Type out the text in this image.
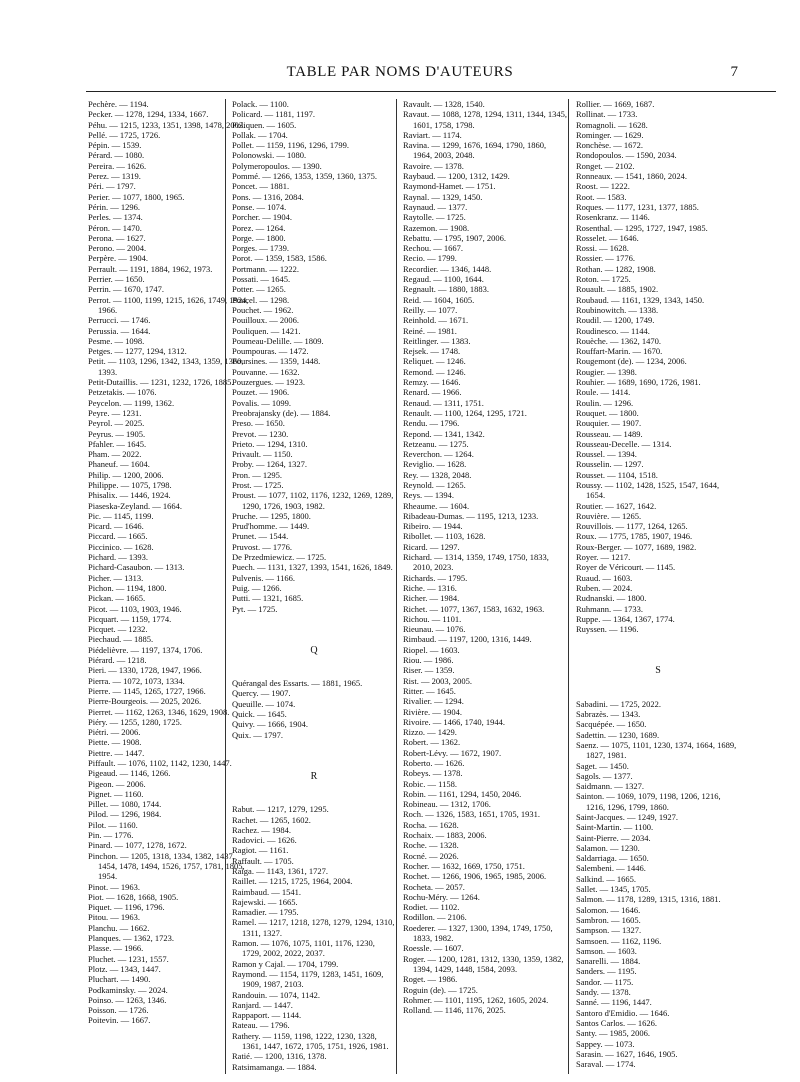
TABLE PAR NOMS D'AUTEURS	7
Pechère. — 1194.
Pecker. — 1278, 1294, 1334, 1667.
Péhu. — 1215, 1233, 1351, 1398, 1478, 2003.
Pellé. — 1725, 1726.
Pépin. — 1539.
Pérard. — 1080.
Pereira. — 1626.
Perez. — 1319.
Péri. — 1797.
Perier. — 1077, 1800, 1965.
Périn. — 1296.
Perles. — 1374.
Péron. — 1470.
Perona. — 1627.
Perono. — 2004.
Perpère. — 1904.
Perrault. — 1191, 1884, 1962, 1973.
Perrier. — 1650.
Perrin. — 1670, 1747.
Perrot. — 1100, 1199, 1215, 1626, 1749, 1924, 1966.
Perrucci. — 1746.
Perussia. — 1644.
Pesme. — 1098.
Petges. — 1277, 1294, 1312.
Petit. — 1103, 1296, 1342, 1343, 1359, 1360, 1393.
Petit-Dutaillis. — 1231, 1232, 1726, 1885.
Petzetakis. — 1076.
Peycelon. — 1199, 1362.
Peyre. — 1231.
Peyrol. — 2025.
Peyrus. — 1905.
Pfahler. — 1645.
Pham. — 2022.
Phaneuf. — 1604.
Philip. — 1200, 2006.
Philippe. — 1075, 1798.
Phisalix. — 1446, 1924.
Piaseska-Zeyland. — 1664.
Pic. — 1145, 1199.
Picard. — 1646.
Piccard. — 1665.
Piccinico. — 1628.
Pichard. — 1393.
Pichard-Casaubon. — 1313.
Picher. — 1313.
Pichon. — 1194, 1800.
Pickan. — 1665.
Picot. — 1103, 1903, 1946.
Picquart. — 1159, 1774.
Picquet. — 1232.
Piechaud. — 1885.
Piédelièvre. — 1197, 1374, 1706.
Piérard. — 1218.
Pieri. — 1330, 1728, 1947, 1966.
Pierra. — 1072, 1073, 1334.
Pierre. — 1145, 1265, 1727, 1966.
Pierre-Bourgeois. — 2025, 2026.
Pierret. — 1162, 1263, 1346, 1629, 1908.
Piéry. — 1255, 1280, 1725.
Piétri. — 2006.
Piette. — 1908.
Piettre. — 1447.
Piffault. — 1076, 1102, 1142, 1230, 1447.
Pigeaud. — 1146, 1266.
Pigeon. — 2006.
Pignet. — 1160.
Pillet. — 1080, 1744.
Pilod. — 1296, 1984.
Pilot. — 1160.
Pin. — 1776.
Pinard. — 1077, 1278, 1672.
Pinchon. — 1205, 1318, 1334, 1382, 1437, 1454, 1478, 1494, 1526, 1757, 1781, 1805, 1954.
Pinot. — 1963.
Piot. — 1628, 1668, 1905.
Piquet. — 1196, 1796.
Pitou. — 1963.
Planchu. — 1662.
Planques. — 1362, 1723.
Plasse. — 1966.
Pluchet. — 1231, 1557.
Plotz. — 1343, 1447.
Pluchart. — 1490.
Podkaminsky. — 2024.
Poinso. — 1263, 1346.
Poisson. — 1726.
Poitevin. — 1667.
Polack. — 1100.
Policard. — 1181, 1197.
Poliquen. — 1605.
Pollak. — 1704.
Pollet. — 1159, 1196, 1296, 1799.
Polonowski. — 1080.
Polymeropoulos. — 1390.
Pommé. — 1266, 1353, 1359, 1360, 1375.
Poncet. — 1881.
Pons. — 1316, 2084.
Ponse. — 1074.
Porcher. — 1904.
Porez. — 1264.
Porge. — 1800.
Porges. — 1739.
Porot. — 1359, 1583, 1586.
Portmann. — 1222.
Possati. — 1645.
Potter. — 1265.
Poucel. — 1298.
Pouchet. — 1962.
Pouilloux. — 2006.
Pouliquen. — 1421.
Poumeau-Delille. — 1809.
Poumpouras. — 1472.
Poursines. — 1359, 1448.
Pouvanne. — 1632.
Pouzergues. — 1923.
Pouzet. — 1906.
Povalis. — 1099.
Preobrajansky (de). — 1884.
Preso. — 1650.
Prevot. — 1230.
Prieto. — 1294, 1310.
Privault. — 1150.
Proby. — 1264, 1327.
Pron. — 1295.
Prost. — 1725.
Proust. — 1077, 1102, 1176, 1232, 1269, 1289, 1290, 1726, 1903, 1982.
Pruche. — 1295, 1800.
Prud'homme. — 1449.
Prunet. — 1544.
Pruvost. — 1776.
De Przedmiewicz. — 1725.
Puech. — 1131, 1327, 1393, 1541, 1626, 1849.
Pulvenis. — 1166.
Puig. — 1266.
Putti. — 1321, 1685.
Pyt. — 1725.
Q
Quérangal des Essarts. — 1881, 1965.
Quercy. — 1907.
Queuille. — 1074.
Quick. — 1645.
Quivy. — 1666, 1904.
Quix. — 1797.
R
Rabut. — 1217, 1279, 1295.
Rachet. — 1265, 1602.
Rachez. — 1984.
Radovici. — 1626.
Ragiot. — 1161.
Raffault. — 1705.
Raiga. — 1143, 1361, 1727.
Raillet. — 1215, 1725, 1964, 2004.
Raimbaud. — 1541.
Rajewski. — 1665.
Ramadier. — 1795.
Ramel. — 1217, 1218, 1278, 1279, 1294, 1310, 1311, 1327.
Ramon. — 1076, 1075, 1101, 1176, 1230, 1729, 2002, 2022, 2037.
Ramon y Cajal. — 1704, 1799.
Raymond. — 1154, 1179, 1283, 1451, 1609, 1909, 1987, 2103.
Randouin. — 1074, 1142.
Ranjard. — 1447.
Rappaport. — 1144.
Rateau. — 1796.
Rathery. — 1159, 1198, 1222, 1230, 1328, 1361, 1447, 1672, 1705, 1751, 1926, 1981.
Ratié. — 1200, 1316, 1378.
Ratsimamanga. — 1884.
Ravault. — 1328, 1540.
Ravaut. — 1088, 1278, 1294, 1311, 1344, 1345, 1601, 1758, 1798.
Raviart. — 1174.
Ravina. — 1299, 1676, 1694, 1790, 1860, 1964, 2003, 2048.
Ravoire. — 1378.
Raybaud. — 1200, 1312, 1429.
Raymond-Hamet. — 1751.
Raynal. — 1329, 1450.
Raynaud. — 1377.
Raytolle. — 1725.
Razemon. — 1908.
Rebattu. — 1795, 1907, 2006.
Rechou. — 1667.
Recio. — 1799.
Recordier. — 1346, 1448.
Regaud. — 1100, 1644.
Regnault. — 1880, 1883.
Reid. — 1604, 1605.
Reilly. — 1077.
Reinhold. — 1671.
Reiné. — 1981.
Reitlinger. — 1383.
Rejsek. — 1748.
Reliquet. — 1246.
Remond. — 1246.
Remzy. — 1646.
Renard. — 1966.
Renaud. — 1311, 1751.
Renault. — 1100, 1264, 1295, 1721.
Rendu. — 1796.
Repond. — 1341, 1342.
Retzeanu. — 1275.
Reverchon. — 1264.
Reviglio. — 1628.
Rey. — 1328, 2048.
Reynold. — 1265.
Reys. — 1394.
Rheaume. — 1604.
Ribadeau-Dumas. — 1195, 1213, 1233.
Ribeiro. — 1944.
Ribollet. — 1103, 1628.
Ricard. — 1297.
Richard. — 1314, 1359, 1749, 1750, 1833, 2010, 2023.
Richards. — 1795.
Riche. — 1316.
Richer. — 1984.
Richet. — 1077, 1367, 1583, 1632, 1963.
Richou. — 1101.
Rieunau. — 1076.
Rimbaud. — 1197, 1200, 1316, 1449.
Riopel. — 1603.
Riou. — 1986.
Riser. — 1359.
Rist. — 2003, 2005.
Ritter. — 1645.
Rivalier. — 1294.
Rivière. — 1904.
Rivoire. — 1466, 1740, 1944.
Rizzo. — 1429.
Robert. — 1362.
Robert-Lévy. — 1672, 1907.
Roberto. — 1626.
Robeys. — 1378.
Robic. — 1158.
Robin. — 1161, 1294, 1450, 2046.
Robineau. — 1312, 1706.
Roch. — 1326, 1583, 1651, 1705, 1931.
Rocha. — 1628.
Rochaix. — 1883, 2006.
Roche. — 1328.
Rocné. — 2026.
Rocher. — 1632, 1669, 1750, 1751.
Rochet. — 1266, 1906, 1965, 1985, 2006.
Rocheta. — 2057.
Rochu-Méry. — 1264.
Rodiet. — 1102.
Rodillon. — 2106.
Roederer. — 1327, 1300, 1394, 1749, 1750, 1833, 1982.
Roessle. — 1607.
Roger. — 1200, 1281, 1312, 1330, 1359, 1382, 1394, 1429, 1448, 1584, 2093.
Roget. — 1986.
Roguin (de). — 1725.
Rohmer. — 1101, 1195, 1262, 1605, 2024.
Rolland. — 1146, 1176, 2025.
Rollier. — 1669, 1687.
Rollinat. — 1733.
Romagnoli. — 1628.
Rominger. — 1629.
Ronchèse. — 1672.
Rondopoulos. — 1590, 2034.
Ronget. — 2102.
Ronneaux. — 1541, 1860, 2024.
Roost. — 1222.
Root. — 1583.
Roques. — 1177, 1231, 1377, 1885.
Rosenkranz. — 1146.
Rosenthal. — 1295, 1727, 1947, 1985.
Rosselet. — 1646.
Rossi. — 1628.
Rossier. — 1776.
Rothan. — 1282, 1908.
Roton. — 1725.
Rouault. — 1885, 1902.
Roubaud. — 1161, 1329, 1343, 1450.
Roubinowitch. — 1338.
Roudil. — 1200, 1749.
Roudinesco. — 1144.
Rouèche. — 1362, 1470.
Rouffart-Marin. — 1670.
Rougemont (de). — 1234, 2006.
Rougier. — 1398.
Rouhier. — 1689, 1690, 1726, 1981.
Roule. — 1414.
Roulin. — 1296.
Rouquet. — 1800.
Rouquier. — 1907.
Rousseau. — 1489.
Rousseau-Decelle. — 1314.
Roussel. — 1394.
Rousselin. — 1297.
Rousset. — 1104, 1518.
Roussy. — 1102, 1428, 1525, 1547, 1644, 1654.
Routier. — 1627, 1642.
Rouvière. — 1265.
Rouvillois. — 1177, 1264, 1265.
Roux. — 1775, 1785, 1907, 1946.
Roux-Berger. — 1077, 1689, 1982.
Royer. — 1217.
Royer de Véricourt. — 1145.
Ruaud. — 1603.
Ruben. — 2024.
Rudnanski. — 1800.
Ruhmann. — 1733.
Ruppe. — 1364, 1367, 1774.
Ruyssen. — 1196.
S
Sabadini. — 1725, 2022.
Sabrazès. — 1343.
Sacquépée. — 1650.
Sadettin. — 1230, 1689.
Saenz. — 1075, 1101, 1230, 1374, 1664, 1689, 1827, 1981.
Saget. — 1450.
Sagols. — 1377.
Saidmann. — 1327.
Sainton. — 1069, 1079, 1198, 1206, 1216, 1216, 1296, 1799, 1860.
Saint-Jacques. — 1249, 1927.
Saint-Martin. — 1100.
Saint-Pierre. — 2034.
Salamon. — 1230.
Saldarriaga. — 1650.
Salembeni. — 1446.
Salkind. — 1665.
Sallet. — 1345, 1705.
Salmon. — 1178, 1289, 1315, 1316, 1881.
Salomon. — 1646.
Sambron. — 1605.
Sampson. — 1327.
Samsoen. — 1162, 1196.
Samson. — 1603.
Sanarelli. — 1884.
Sanders. — 1195.
Sandor. — 1175.
Sandy. — 1378.
Sanné. — 1196, 1447.
Santoro d'Emidio. — 1646.
Santos Carlos. — 1626.
Santy. — 1985, 2006.
Sappey. — 1073.
Sarasin. — 1627, 1646, 1905.
Saraval. — 1774.
